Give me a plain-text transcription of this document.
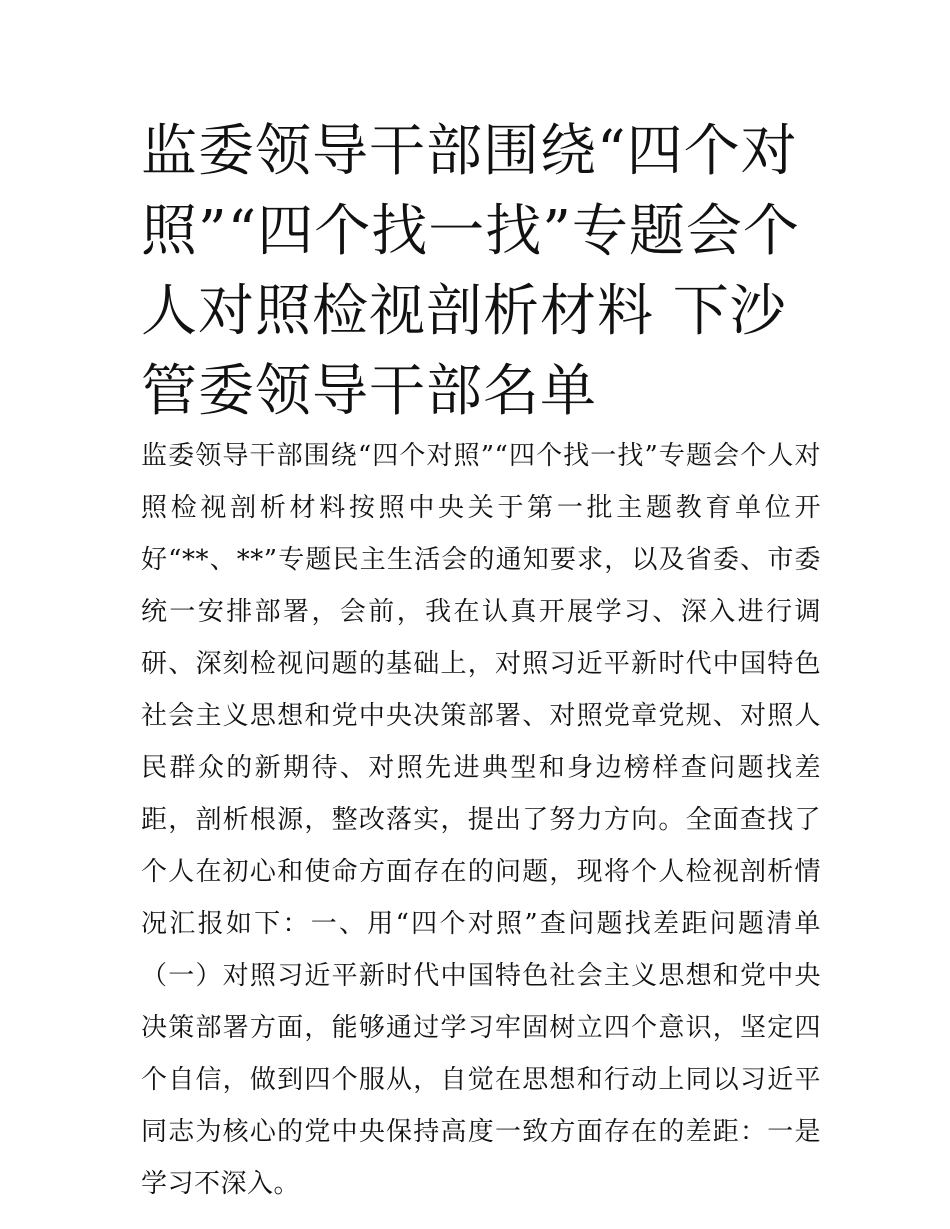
监委领导干部围绕“四个对照”“四个找一找”专题会个人对照检视剖析材料 下沙管委领导干部名单

监委领导干部围绕“四个对照”“四个找一找”专题会个人对照检视剖析材料按照中央关于第一批主题教育单位开好“**、**”专题民主生活会的通知要求，以及省委、市委统一安排部署，会前，我在认真开展学习、深入进行调研、深刻检视问题的基础上，对照习近平新时代中国特色社会主义思想和党中央决策部署、对照党章党规、对照人民群众的新期待、对照先进典型和身边榜样查问题找差距，剖析根源，整改落实，提出了努力方向。全面查找了个人在初心和使命方面存在的问题，现将个人检视剖析情况汇报如下：一、用“四个对照”查问题找差距问题清单（一）对照习近平新时代中国特色社会主义思想和党中央决策部署方面，能够通过学习牢固树立四个意识，坚定四个自信，做到四个服从，自觉在思想和行动上同以习近平同志为核心的党中央保持高度一致方面存在的差距：一是学习不深入。
